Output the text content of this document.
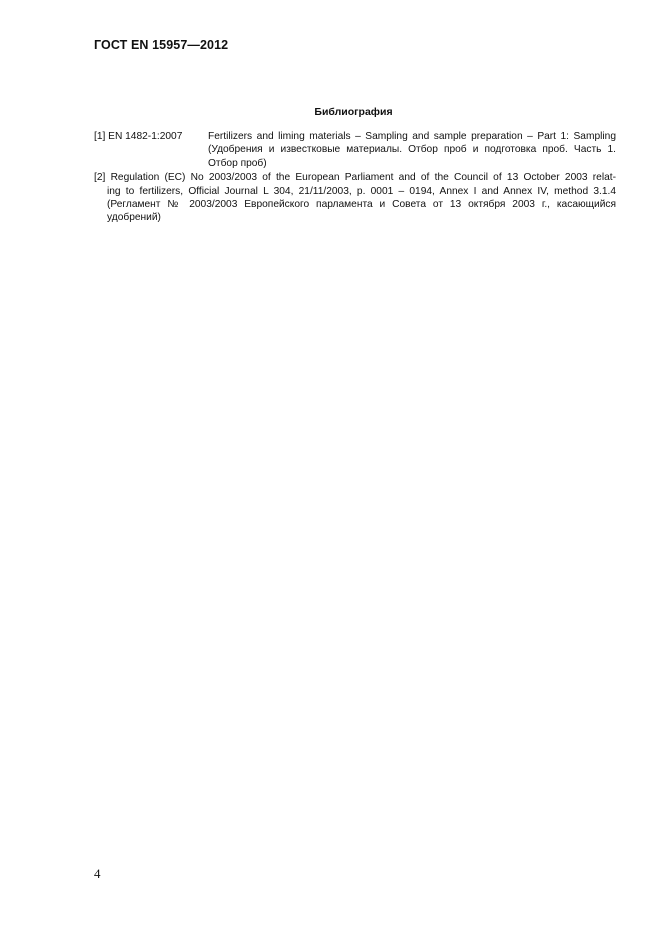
ГОСТ EN 15957—2012
Библиография
[1] EN 1482-1:2007	Fertilizers and liming materials – Sampling and sample preparation – Part 1: Sampling (Удобрения и известковые материалы. Отбор проб и подготовка проб. Часть 1. Отбор проб)
[2] Regulation (EC) No 2003/2003 of the European Parliament and of the Council of 13 October 2003 relat-
ing to fertilizers, Official Journal L 304, 21/11/2003, p. 0001 – 0194, Annex I and Annex IV, method 3.1.4
(Регламент № 2003/2003 Европейского парламента и Совета от 13 октября 2003 г., касающийся
удобрений)
4
